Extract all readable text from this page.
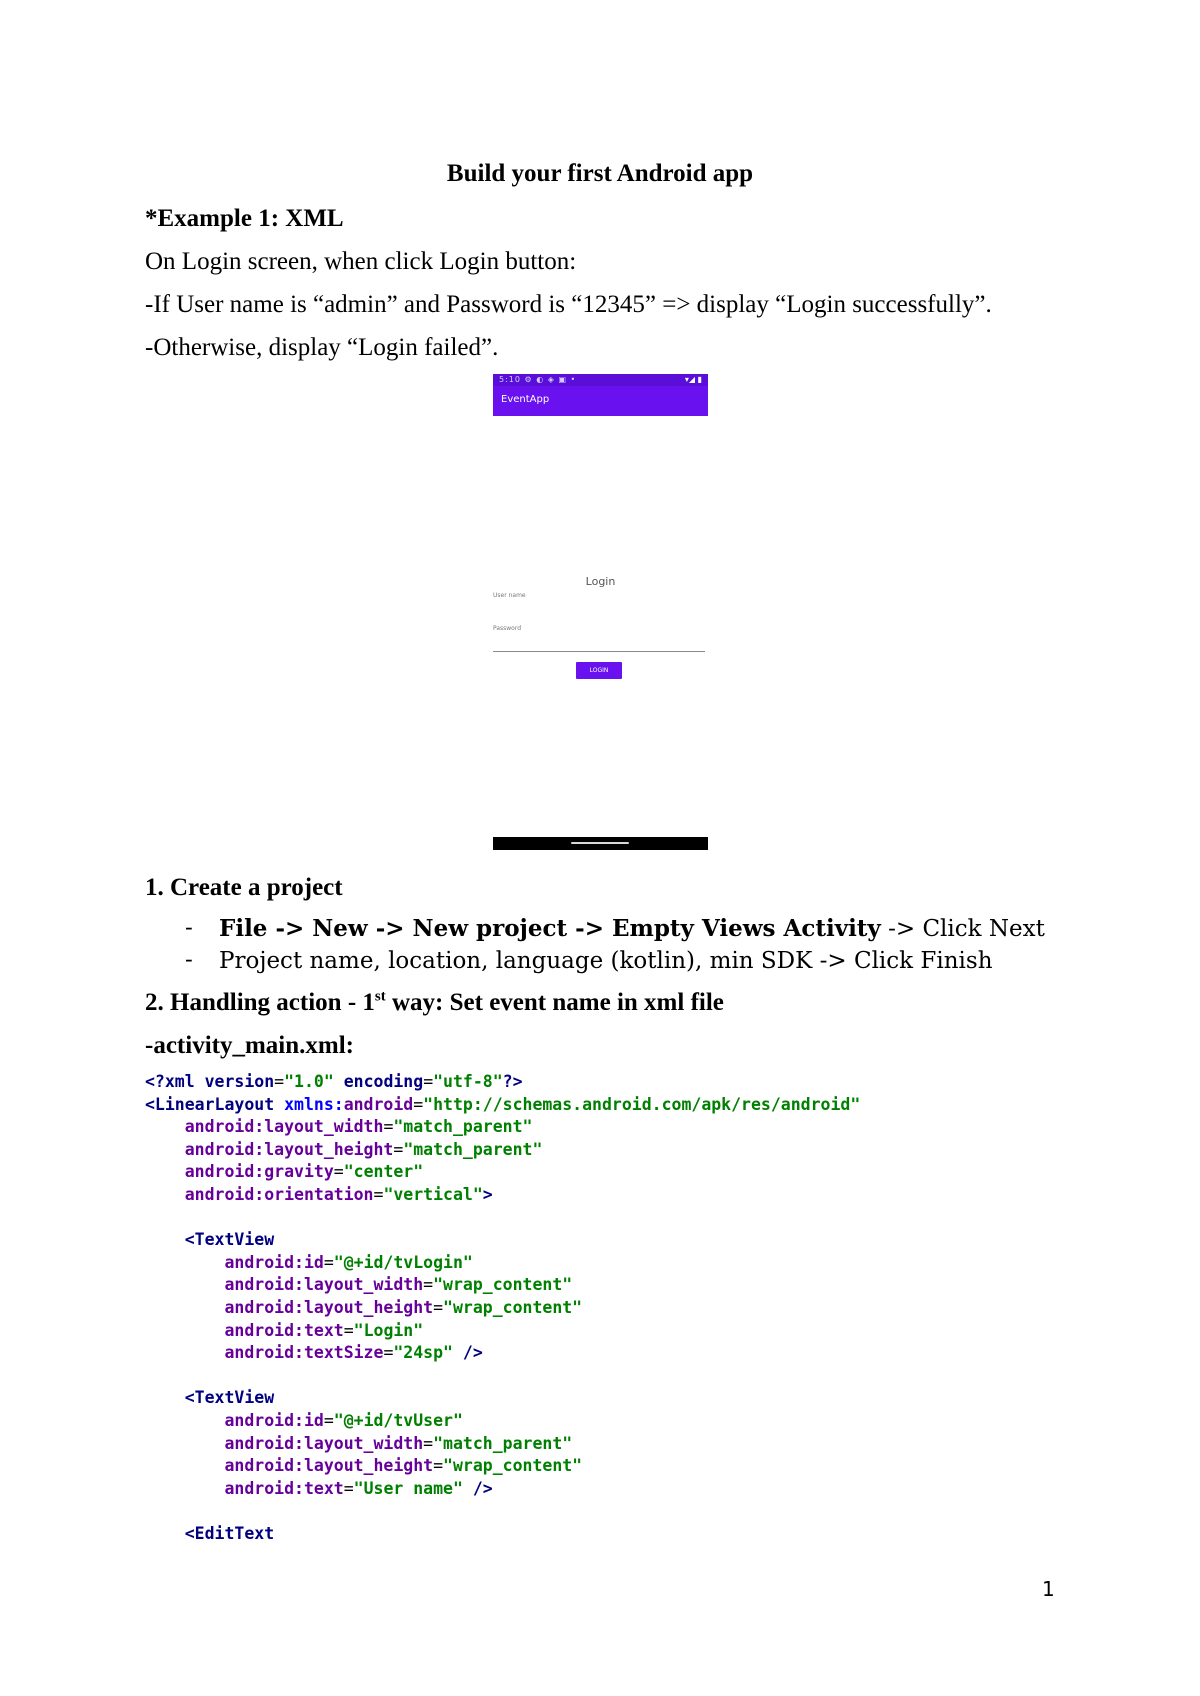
Build your first Android app
*Example 1: XML
On Login screen, when click Login button:
-If User name is “admin” and Password is “12345” => display “Login successfully”.
-Otherwise, display “Login failed”.
5:10 ⚙ ◐ ◈ ▣ •	▾◢ ▮
EventApp
Login
User name
Password
LOGIN
1. Create a project
- File -> New -> New project -> Empty Views Activity -> Click Next
- Project name, location, language (kotlin), min SDK -> Click Finish
2. Handling action - 1st way: Set event name in xml file
-activity_main.xml:
<?xml version="1.0" encoding="utf-8"?>
<LinearLayout xmlns:android="http://schemas.android.com/apk/res/android"
android:layout_width="match_parent"
android:layout_height="match_parent"
android:gravity="center"
android:orientation="vertical">
<TextView
android:id="@+id/tvLogin"
android:layout_width="wrap_content"
android:layout_height="wrap_content"
android:text="Login"
android:textSize="24sp" />
<TextView
android:id="@+id/tvUser"
android:layout_width="match_parent"
android:layout_height="wrap_content"
android:text="User name" />
<EditText
1
